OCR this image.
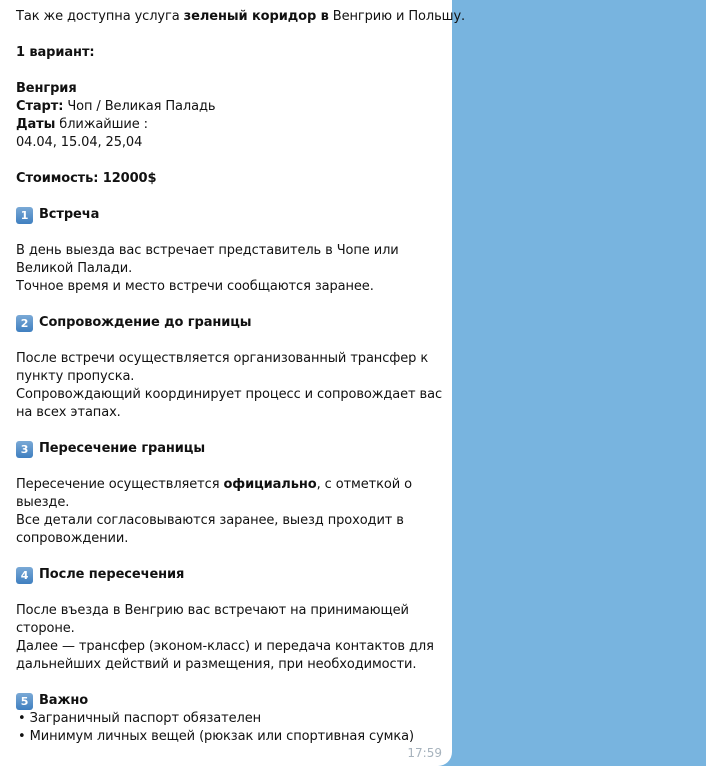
Так же доступна услуга зеленый коридор в Венгрию и Польшу.
1 вариант:
Венгрия
Старт: Чоп / Великая Паладь
Даты ближайшие :
04.04, 15.04, 25,04
Стоимость: 12000$
1 Встреча
В день выезда вас встречает представитель в Чопе или
Великой Палади.
Точное время и место встречи сообщаются заранее.
2 Сопровождение до границы
После встречи осуществляется организованный трансфер к
пункту пропуска.
Сопровождающий координирует процесс и сопровождает вас
на всех этапах.
3 Пересечение границы
Пересечение осуществляется официально, с отметкой о
выезде.
Все детали согласовываются заранее, выезд проходит в
сопровождении.
4 После пересечения
После въезда в Венгрию вас встречают на принимающей
стороне.
Далее — трансфер (эконом-класс) и передача контактов для
дальнейших действий и размещения, при необходимости.
5 Важно
• Заграничный паспорт обязателен
• Минимум личных вещей (рюкзак или спортивная сумка)
17:59
